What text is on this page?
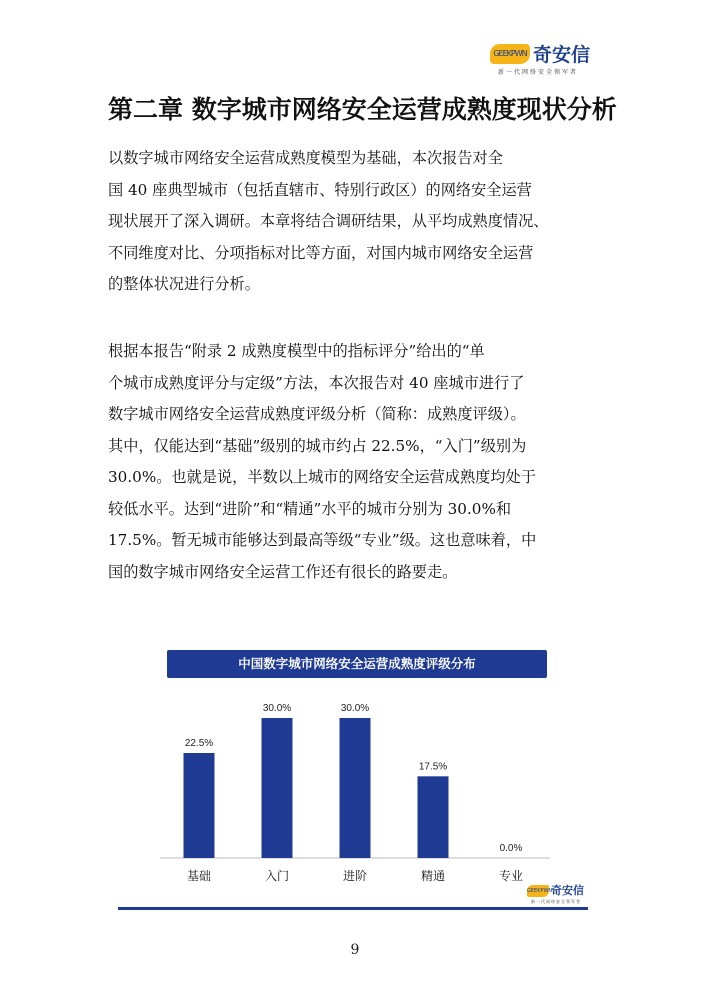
GEEKPWN 奇安信
新一代网络安全领军者
第二章 数字城市网络安全运营成熟度现状分析
以数字城市网络安全运营成熟度模型为基础，本次报告对全
国 40 座典型城市（包括直辖市、特别行政区）的网络安全运营
现状展开了深入调研。本章将结合调研结果，从平均成熟度情况、
不同维度对比、分项指标对比等方面，对国内城市网络安全运营
的整体状况进行分析。
根据本报告“附录 2 成熟度模型中的指标评分”给出的“单
个城市成熟度评分与定级”方法，本次报告对 40 座城市进行了
数字城市网络安全运营成熟度评级分析（简称：成熟度评级）。
其中，仅能达到“基础”级别的城市约占 22.5%，“入门”级别为
30.0%。也就是说，半数以上城市的网络安全运营成熟度均处于
较低水平。达到“进阶”和“精通”水平的城市分别为 30.0%和
17.5%。暂无城市能够达到最高等级“专业”级。这也意味着，中
国的数字城市网络安全运营工作还有很长的路要走。
中国数字城市网络安全运营成熟度评级分布
22.5%
基础
30.0%
入门
30.0%
进阶
17.5%
精通
0.0%
专业
GEEKPWN
奇安信
新一代网络安全领军者
9
